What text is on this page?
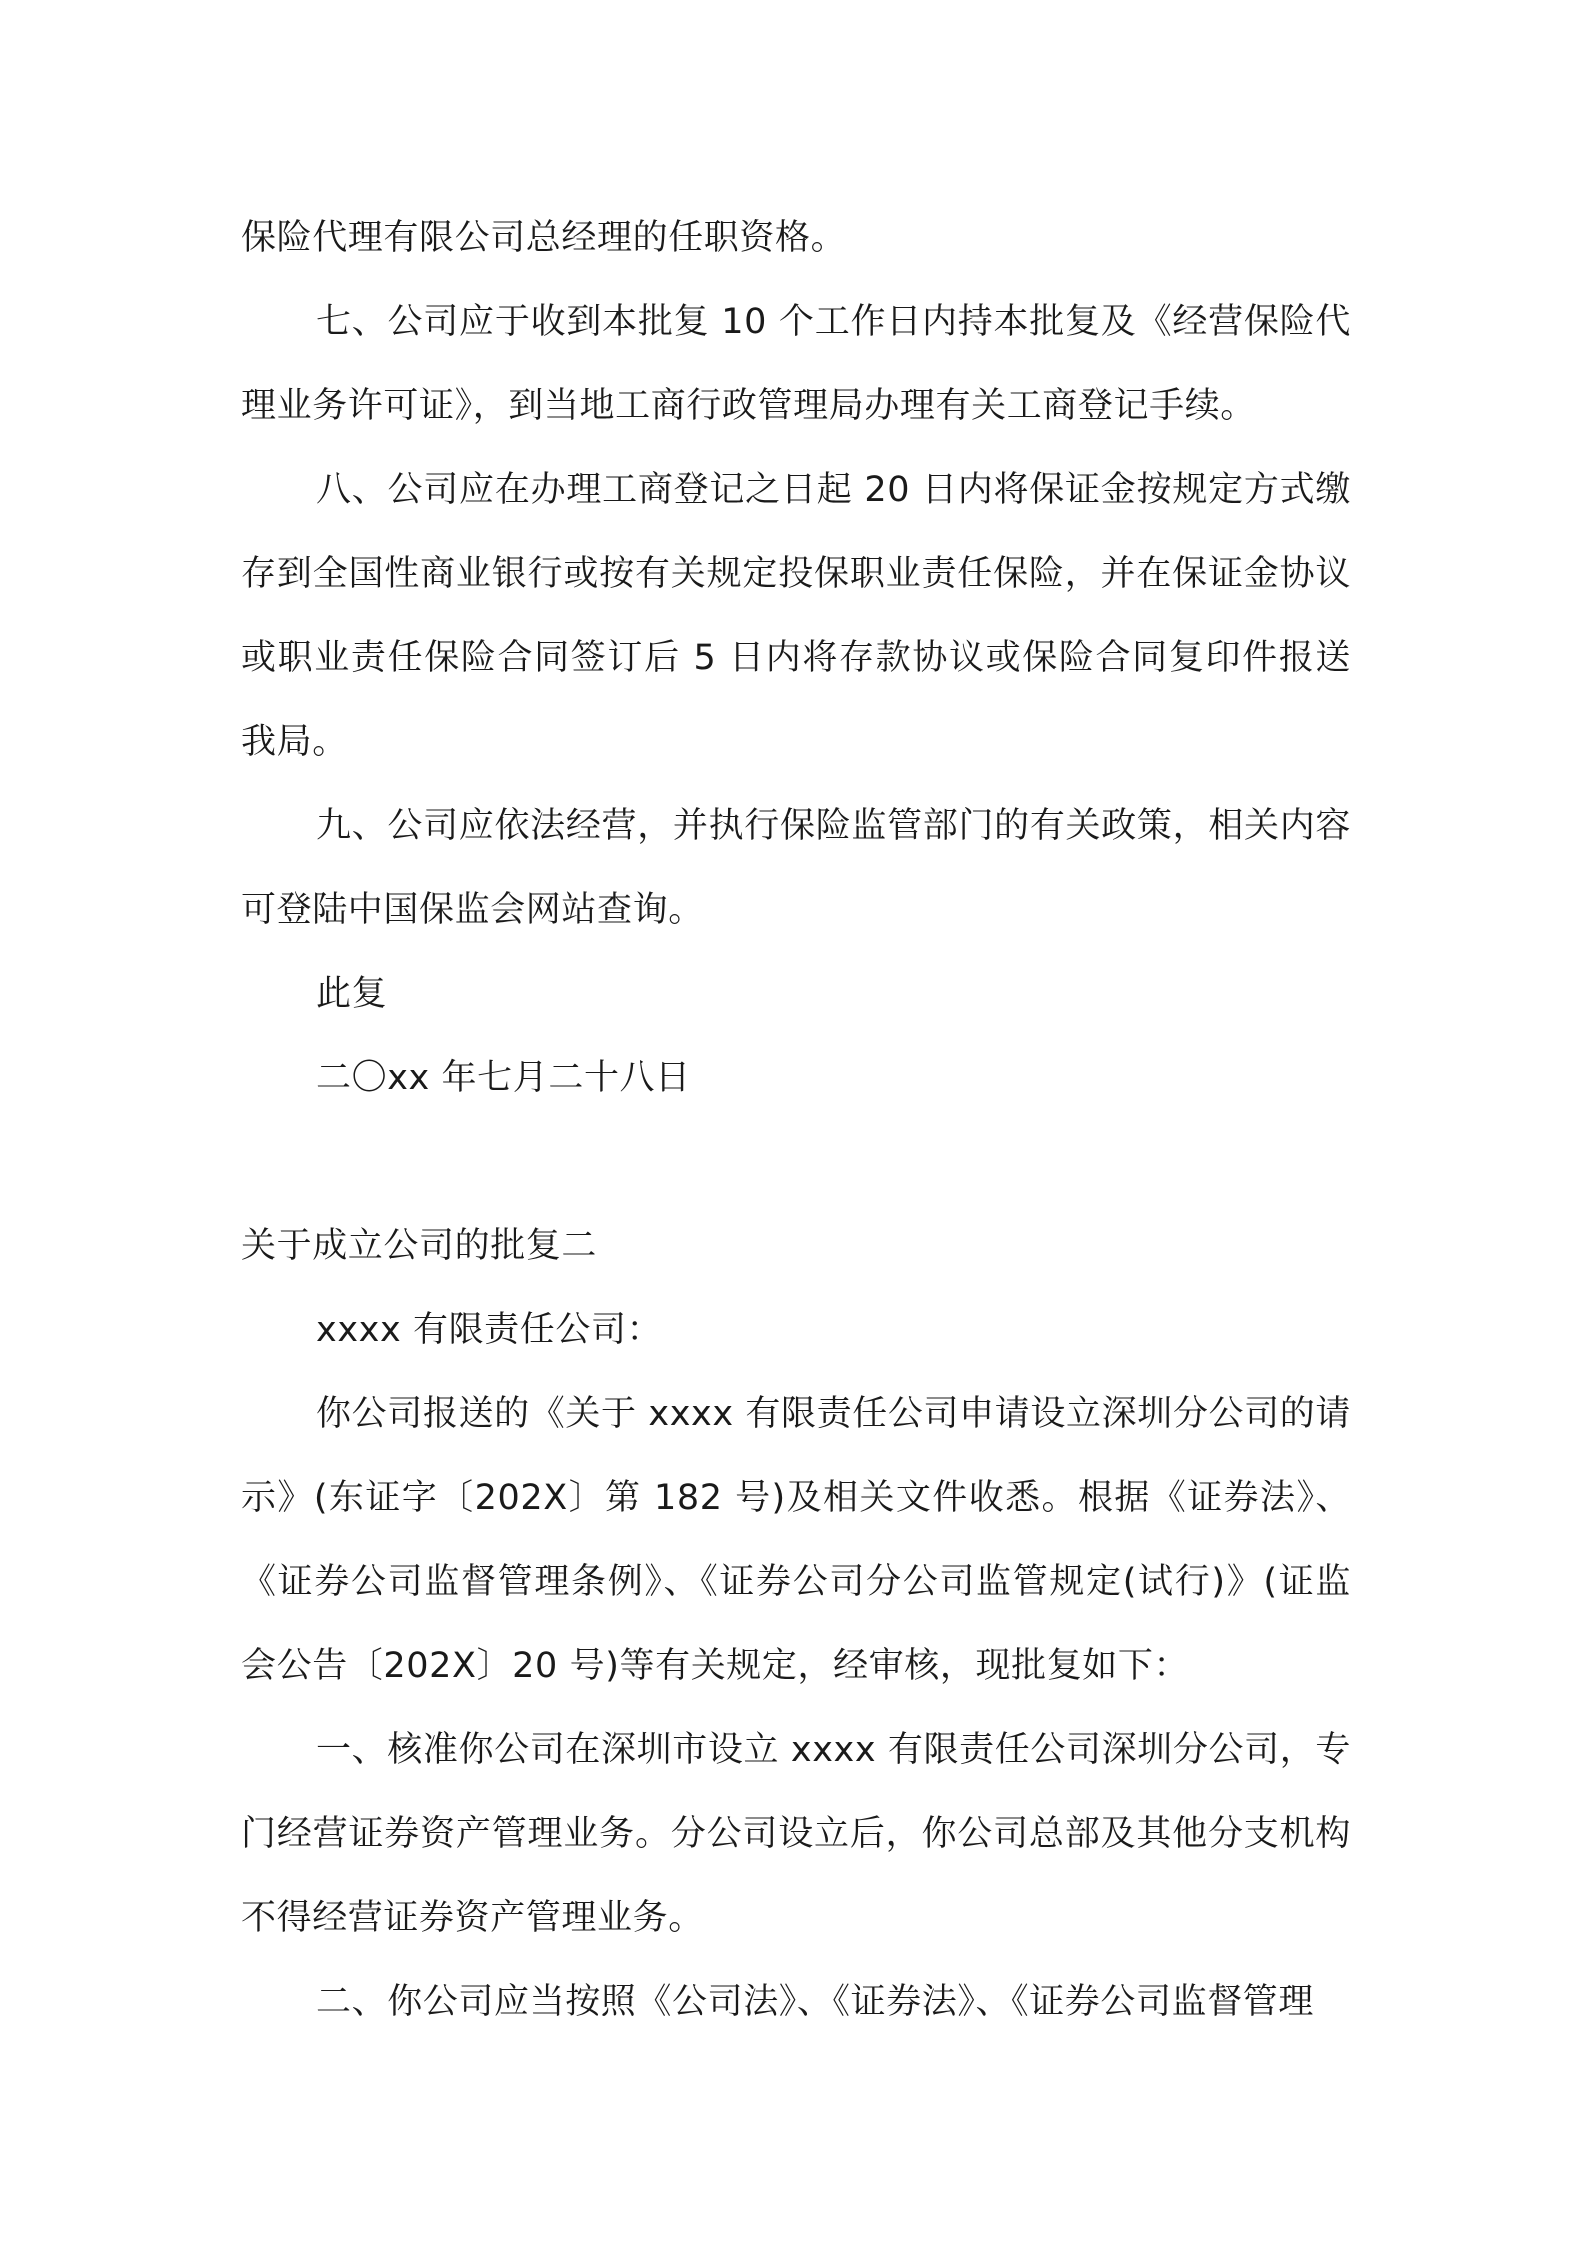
保险代理有限公司总经理的任职资格。

七、公司应于收到本批复 10 个工作日内持本批复及《经营保险代理业务许可证》，到当地工商行政管理局办理有关工商登记手续。

八、公司应在办理工商登记之日起 20 日内将保证金按规定方式缴存到全国性商业银行或按有关规定投保职业责任保险，并在保证金协议或职业责任保险合同签订后 5 日内将存款协议或保险合同复印件报送我局。

九、公司应依法经营，并执行保险监管部门的有关政策，相关内容可登陆中国保监会网站查询。

此复

二〇xx 年七月二十八日

关于成立公司的批复二

xxxx 有限责任公司：

你公司报送的《关于 xxxx 有限责任公司申请设立深圳分公司的请示》(东证字〔202X〕第 182 号)及相关文件收悉。根据《证券法》、《证券公司监督管理条例》、《证券公司分公司监管规定(试行)》(证监会公告〔202X〕20 号)等有关规定，经审核，现批复如下：

一、核准你公司在深圳市设立 xxxx 有限责任公司深圳分公司，专门经营证券资产管理业务。分公司设立后，你公司总部及其他分支机构不得经营证券资产管理业务。

二、你公司应当按照《公司法》、《证券法》、《证券公司监督管理
